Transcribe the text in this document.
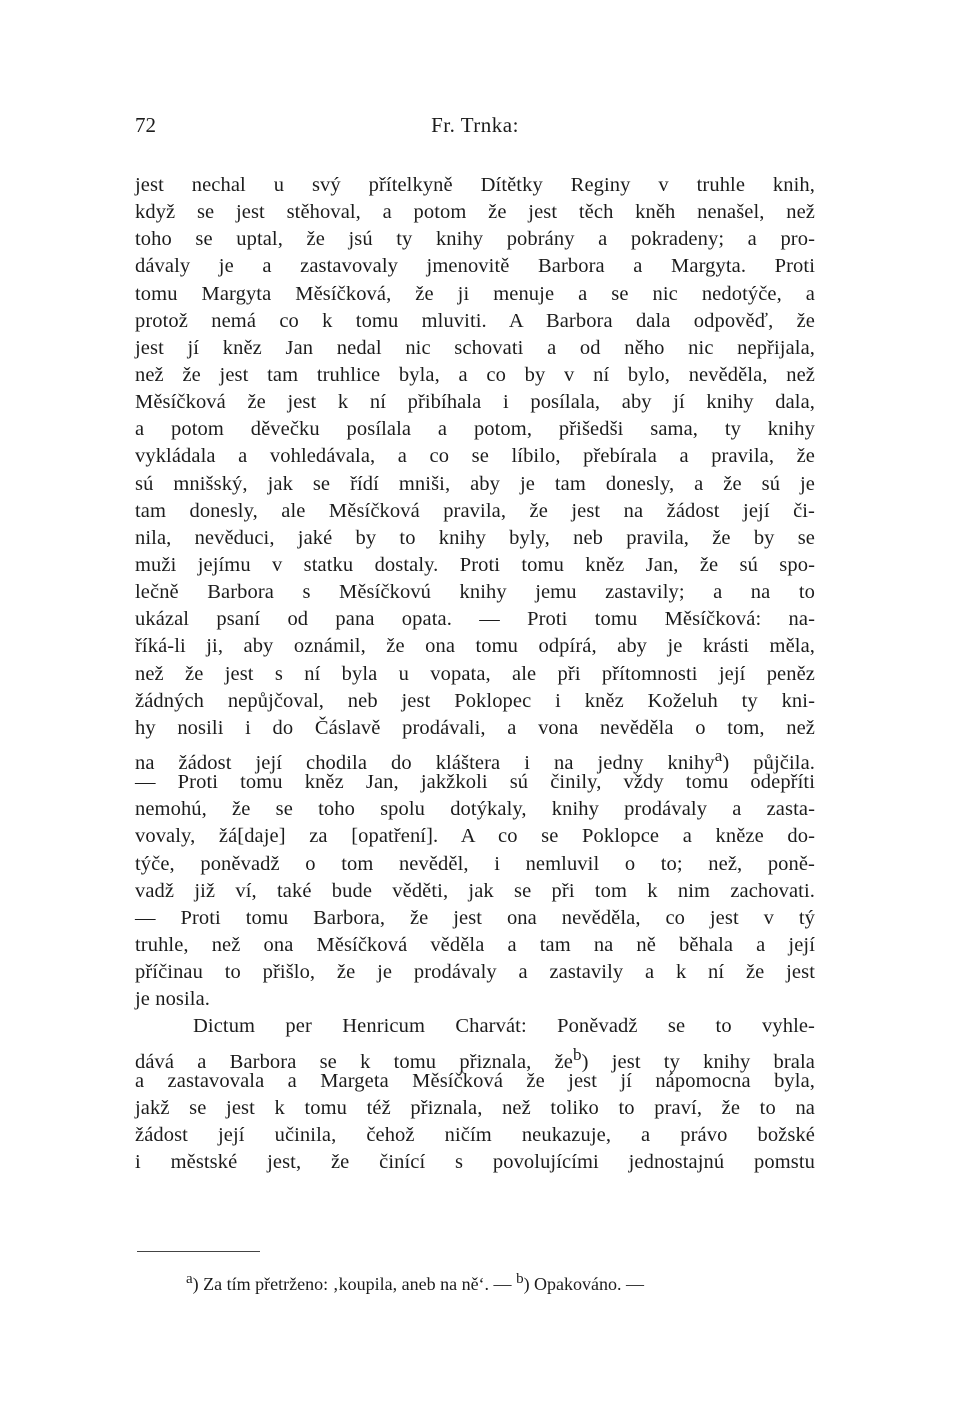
72	Fr. Trnka:
jest nechal u svý přítelkyně Dítětky Reginy v truhle knih,
když se jest stěhoval, a potom že jest těch kněh nenašel, než
toho se uptal, že jsú ty knihy pobrány a pokradeny; a pro-
dávaly je a zastavovaly jmenovitě Barbora a Margyta. Proti
tomu Margyta Měsíčková, že ji menuje a se nic nedotýče, a
protož nemá co k tomu mluviti. A Barbora dala odpověď, že
jest jí kněz Jan nedal nic schovati a od něho nic nepřijala,
než že jest tam truhlice byla, a co by v ní bylo, nevěděla, než
Měsíčková že jest k ní přibíhala i posílala, aby jí knihy dala,
a potom děvečku posílala a potom, přišedši sama, ty knihy
vykládala a vohledávala, a co se líbilo, přebírala a pravila, že
sú mnišský, jak se řídí mniši, aby je tam donesly, a že sú je
tam donesly, ale Měsíčková pravila, že jest na žádost její či-
nila, nevěduci, jaké by to knihy byly, neb pravila, že by se
muži jejímu v statku dostaly. Proti tomu kněz Jan, že sú spo-
lečně Barbora s Měsíčkovú knihy jemu zastavily; a na to
ukázal psaní od pana opata. — Proti tomu Měsíčková: na-
říká-li ji, aby oznámil, že ona tomu odpírá, aby je krásti měla,
než že jest s ní byla u vopata, ale při přítomnosti její peněz
žádných nepůjčoval, neb jest Poklopec i kněz Koželuh ty kni-
hy nosili i do Čáslavě prodávali, a vona nevěděla o tom, než
na žádost její chodila do kláštera i na jedny knihy$^a$) půjčila.
— Proti tomu kněz Jan, jakžkoli sú činily, vždy tomu odepříti
nemohú, že se toho spolu dotýkaly, knihy prodávaly a zasta-
vovaly, žá[daje] za [opatření]. A co se Poklopce a kněze do-
týče, poněvadž o tom nevěděl, i nemluvil o to; než, poně-
vadž již ví, také bude věděti, jak se při tom k nim zachovati.
— Proti tomu Barbora, že jest ona nevěděla, co jest v tý
truhle, než ona Měsíčková věděla a tam na ně běhala a její
příčinau to přišlo, že je prodávaly a zastavily a k ní že jest
je nosila.
Dictum per Henricum Charvát: Poněvadž se to vyhle-
dává a Barbora se k tomu přiznala, $že^b$) jest ty knihy brala
a zastavovala a Margeta Měsíčková že jest jí nápomocna byla,
jakž se jest k tomu též přiznala, než toliko to praví, že to na
žádost její učinila, čehož ničím neukazuje, a právo božské
i městské jest, že činící s povolujícími jednostajnú pomstu
$^a$) Za tím přetrženo: ‚koupila, aneb na ně‘. — $^b$) Opakováno. —
